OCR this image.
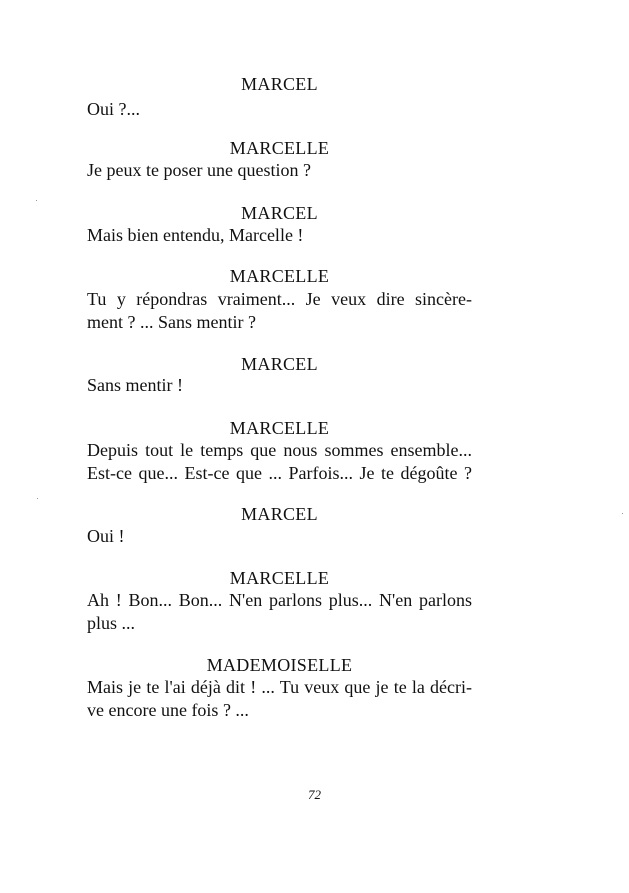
MARCEL
Oui ?...
MARCELLE
Je peux te poser une question ?
MARCEL
Mais bien entendu, Marcelle !
MARCELLE
Tu y répondras vraiment... Je veux dire sincère-
ment ? ... Sans mentir ?
MARCEL
Sans mentir !
MARCELLE
Depuis tout le temps que nous sommes ensemble...
Est-ce que... Est-ce que ... Parfois... Je te dégoûte ?
MARCEL
Oui !
MARCELLE
Ah ! Bon... Bon... N'en parlons plus... N'en parlons
plus ...
MADEMOISELLE
Mais je te l'ai déjà dit ! ... Tu veux que je te la décri-
ve encore une fois ? ...
72
